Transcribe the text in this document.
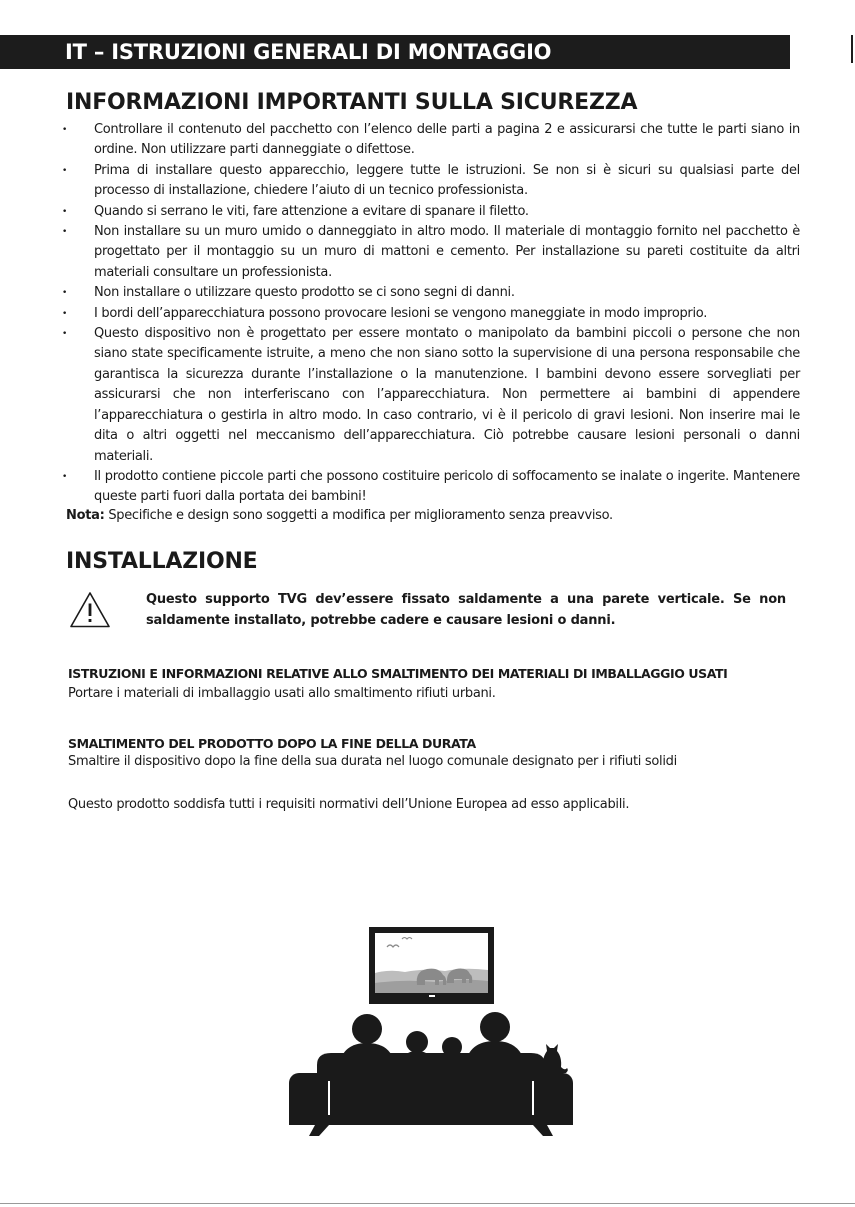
IT – ISTRUZIONI GENERALI DI MONTAGGIO
INFORMAZIONI IMPORTANTI SULLA SICUREZZA
• Controllare il contenuto del pacchetto con l’elenco delle parti a pagina 2 e assicurarsi che tutte le parti siano in ordine. Non utilizzare parti danneggiate o difettose.
• Prima di installare questo apparecchio, leggere tutte le istruzioni. Se non si è sicuri su qualsiasi parte del processo di installazione, chiedere l’aiuto di un tecnico professionista.
• Quando si serrano le viti, fare attenzione a evitare di spanare il filetto.
• Non installare su un muro umido o danneggiato in altro modo. Il materiale di montaggio fornito nel pacchetto è progettato per il montaggio su un muro di mattoni e cemento. Per installazione su pareti costituite da altri materiali consultare un professionista.
• Non installare o utilizzare questo prodotto se ci sono segni di danni.
• I bordi dell’apparecchiatura possono provocare lesioni se vengono maneggiate in modo improprio.
• Questo dispositivo non è progettato per essere montato o manipolato da bambini piccoli o persone che non siano state specificamente istruite, a meno che non siano sotto la supervisione di una persona responsabile che garantisca la sicurezza durante l’installazione o la manutenzione. I bambini devono essere sorvegliati per assicurarsi che non interferiscano con l’apparecchiatura. Non permettere ai bambini di appendere l’apparecchiatura o gestirla in altro modo. In caso contrario, vi è il pericolo di gravi lesioni. Non inserire mai le dita o altri oggetti nel meccanismo dell’apparecchiatura. Ciò potrebbe causare lesioni personali o danni materiali.
• Il prodotto contiene piccole parti che possono costituire pericolo di soffocamento se inalate o ingerite. Mantenere queste parti fuori dalla portata dei bambini!

Nota: Specifiche e design sono soggetti a modifica per miglioramento senza preavviso.

INSTALLAZIONE

Questo supporto TVG dev’essere fissato saldamente a una parete verticale. Se non saldamente installato, potrebbe cadere e causare lesioni o danni.

ISTRUZIONI E INFORMAZIONI RELATIVE ALLO SMALTIMENTO DEI MATERIALI DI IMBALLAGGIO USATI

Portare i materiali di imballaggio usati allo smaltimento rifiuti urbani.

SMALTIMENTO DEL PRODOTTO DOPO LA FINE DELLA DURATA

Smaltire il dispositivo dopo la fine della sua durata nel luogo comunale designato per i rifiuti solidi

Questo prodotto soddisfa tutti i requisiti normativi dell’Unione Europea ad esso applicabili.
